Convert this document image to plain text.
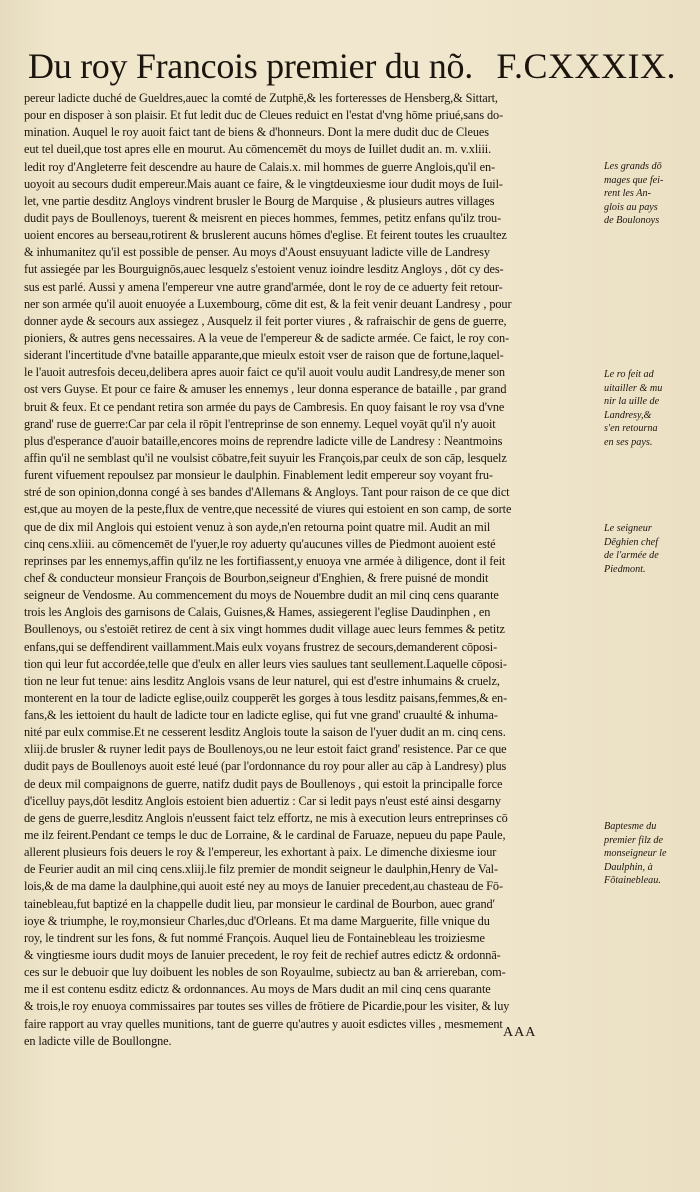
Du roy Francois premier du nõ. F.CXXXIX.
pereur ladicte duché de Gueldres,auec la comté de Zutphē,& les forteresses de Hensberg,& Sittart,
pour en disposer à son plaisir. Et fut ledit duc de Cleues reduict en l'estat d'vng hōme priué,sans do-
mination. Auquel le roy auoit faict tant de biens & d'honneurs. Dont la mere dudit duc de Cleues
eut tel dueil,que tost apres elle en mourut. Au cōmencemēt du moys de Iuillet dudit an. m. v.xliii.
ledit roy d'Angleterre feit descendre au haure de Calais.x. mil hommes de guerre Anglois,qu'il en-
uoyoit au secours dudit empereur.Mais auant ce faire, & le vingtdeuxiesme iour dudit moys de Iuil-
let, vne partie desditz Angloys vindrent brusler le Bourg de Marquise , & plusieurs autres villages
dudit pays de Boullenoys, tuerent & meisrent en pieces hommes, femmes, petitz enfans qu'ilz trou-
uoient encores au berseau,rotirent & bruslerent aucuns hōmes d'eglise. Et feirent toutes les cruaultez
& inhumanitez qu'il est possible de penser. Au moys d'Aoust ensuyuant ladicte ville de Landresy
fut assiegée par les Bourguignōs,auec lesquelz s'estoient venuz ioindre lesditz Angloys , dōt cy des-
sus est parlé. Aussi y amena l'empereur vne autre grand'armée, dont le roy de ce aduerty feit retour-
ner son armée qu'il auoit enuoyée a Luxembourg, cōme dit est, & la feit venir deuant Landresy , pour
donner ayde & secours aux assiegez , Ausquelz il feit porter viures , & rafraischir de gens de guerre,
pioniers, & autres gens necessaires. A la veue de l'empereur & de sadicte armée. Ce faict, le roy con-
siderant l'incertitude d'vne bataille apparante,que mieulx estoit vser de raison que de fortune,laquel-
le l'auoit autresfois deceu,delibera apres auoir faict ce qu'il auoit voulu audit Landresy,de mener son
ost vers Guyse. Et pour ce faire & amuser les ennemys , leur donna esperance de bataille , par grand
bruit & feux. Et ce pendant retira son armée du pays de Cambresis. En quoy faisant le roy vsa d'vne
grand' ruse de guerre:Car par cela il rōpit l'entreprinse de son ennemy. Lequel voyāt qu'il n'y auoit
plus d'esperance d'auoir bataille,encores moins de reprendre ladicte ville de Landresy : Neantmoins
affin qu'il ne semblast qu'il ne voulsist cōbatre,feit suyuir les François,par ceulx de son cāp, lesquelz
furent vifuement repoulsez par monsieur le daulphin. Finablement ledit empereur soy voyant fru-
stré de son opinion,donna congé à ses bandes d'Allemans & Angloys. Tant pour raison de ce que dict
est,que au moyen de la peste,flux de ventre,que necessité de viures qui estoient en son camp, de sorte
que de dix mil Anglois qui estoient venuz à son ayde,n'en retourna point quatre mil. Audit an mil
cinq cens.xliii. au cōmencemēt de l'yuer,le roy aduerty qu'aucunes villes de Piedmont auoient esté
reprinses par les ennemys,affin qu'ilz ne les fortifiassent,y enuoya vne armée à diligence, dont il feit
chef & conducteur monsieur François de Bourbon,seigneur d'Enghien, & frere puisné de mondit
seigneur de Vendosme. Au commencement du moys de Nouembre dudit an mil cinq cens quarante
trois les Anglois des garnisons de Calais, Guisnes,& Hames, assiegerent l'eglise Daudinphen , en
Boullenoys, ou s'estoiēt retirez de cent à six vingt hommes dudit village auec leurs femmes & petitz
enfans,qui se deffendirent vaillamment.Mais eulx voyans frustrez de secours,demanderent cōposi-
tion qui leur fut accordée,telle que d'eulx en aller leurs vies saulues tant seullement.Laquelle cōposi-
tion ne leur fut tenue: ains lesditz Anglois vsans de leur naturel, qui est d'estre inhumains & cruelz,
monterent en la tour de ladicte eglise,ouilz coupperēt les gorges à tous lesditz paisans,femmes,& en-
fans,& les iettoient du hault de ladicte tour en ladicte eglise, qui fut vne grand' cruaulté & inhuma-
nité par eulx commise.Et ne cesserent lesditz Anglois toute la saison de l'yuer dudit an m. cinq cens.
xliij.de brusler & ruyner ledit pays de Boullenoys,ou ne leur estoit faict grand' resistence. Par ce que
dudit pays de Boullenoys auoit esté leué (par l'ordonnance du roy pour aller au cāp à Landresy) plus
de deux mil compaignons de guerre, natifz dudit pays de Boullenoys , qui estoit la principalle force
d'icelluy pays,dōt lesditz Anglois estoient bien aduertiz : Car si ledit pays n'eust esté ainsi desgarny
de gens de guerre,lesditz Anglois n'eussent faict telz effortz, ne mis à execution leurs entreprinses cō
me ilz feirent.Pendant ce temps le duc de Lorraine, & le cardinal de Faruaze, nepueu du pape Paule,
allerent plusieurs fois deuers le roy & l'empereur, les exhortant à paix. Le dimenche dixiesme iour
de Feurier audit an mil cinq cens.xliij.le filz premier de mondit seigneur le daulphin,Henry de Val-
lois,& de ma dame la daulphine,qui auoit esté ney au moys de Ianuier precedent,au chasteau de Fō-
tainebleau,fut baptizé en la chappelle dudit lieu, par monsieur le cardinal de Bourbon, auec grand'
ioye & triumphe, le roy,monsieur Charles,duc d'Orleans. Et ma dame Marguerite, fille vnique du
roy, le tindrent sur les fons, & fut nommé François. Auquel lieu de Fontainebleau les troiziesme
& vingtiesme iours dudit moys de Ianuier precedent, le roy feit de rechief autres edictz & ordonnā-
ces sur le debuoir que luy doibuent les nobles de son Royaulme, subiectz au ban & arriereban, com-
me il est contenu esditz edictz & ordonnances. Au moys de Mars dudit an mil cinq cens quarante
& trois,le roy enuoya commissaires par toutes ses villes de frōtiere de Picardie,pour les visiter, & luy
faire rapport au vray quelles munitions, tant de guerre qu'autres y auoit esdictes villes , mesmement
en ladicte ville de Boullongne.
Les grands dō
mages que fei-
rent les An-
glois au pays
de Boulonoys
Le ro feit ad
uitailler & mu
nir la uille de
Landresy,&
s'en retourna
en ses pays.
Le seigneur
Dēghien chef
de l'armée de
Piedmont.
Baptesme du
premier filz de
monseigneur le
Daulphin, à
Fōtainebleau.
AAA
